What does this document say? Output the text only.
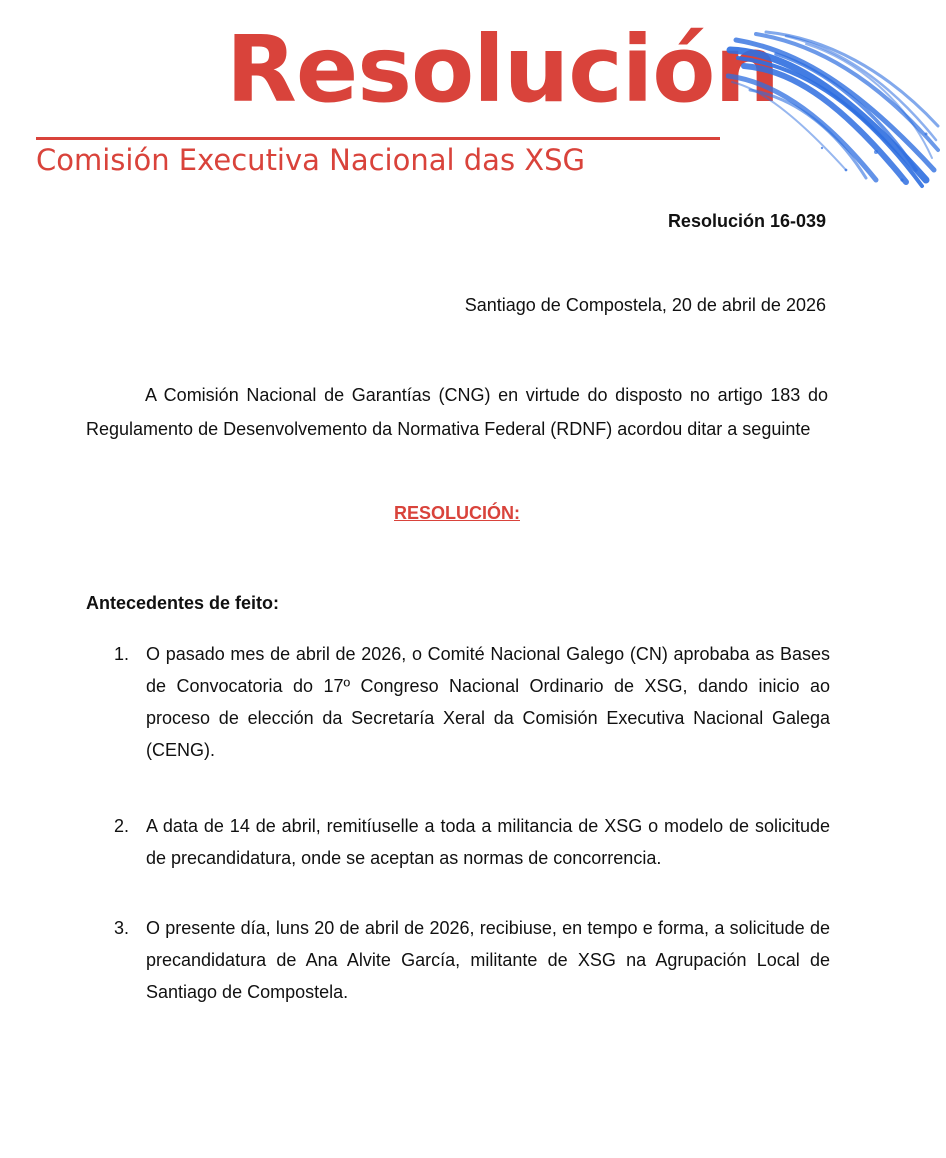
Resolución
Comisión Executiva Nacional das XSG
Resolución 16-039
Santiago de Compostela, 20 de abril de 2026

A Comisión Nacional de Garantías (CNG) en virtude do disposto no artigo 183 do Regulamento de Desenvolvemento da Normativa Federal (RDNF) acordou ditar a seguinte

RESOLUCIÓN:
Antecedentes de feito:
1. O pasado mes de abril de 2026, o Comité Nacional Galego (CN) aprobaba as Bases de Convocatoria do 17º Congreso Nacional Ordinario de XSG, dando inicio ao proceso de elección da Secretaría Xeral da Comisión Executiva Nacional Galega (CENG).

2. A data de 14 de abril, remitíuselle a toda a militancia de XSG o modelo de solicitude de precandidatura, onde se aceptan as normas de concorrencia.

3. O presente día, luns 20 de abril de 2026, recibiuse, en tempo e forma, a solicitude de precandidatura de Ana Alvite García, militante de XSG na Agrupación Local de Santiago de Compostela.
